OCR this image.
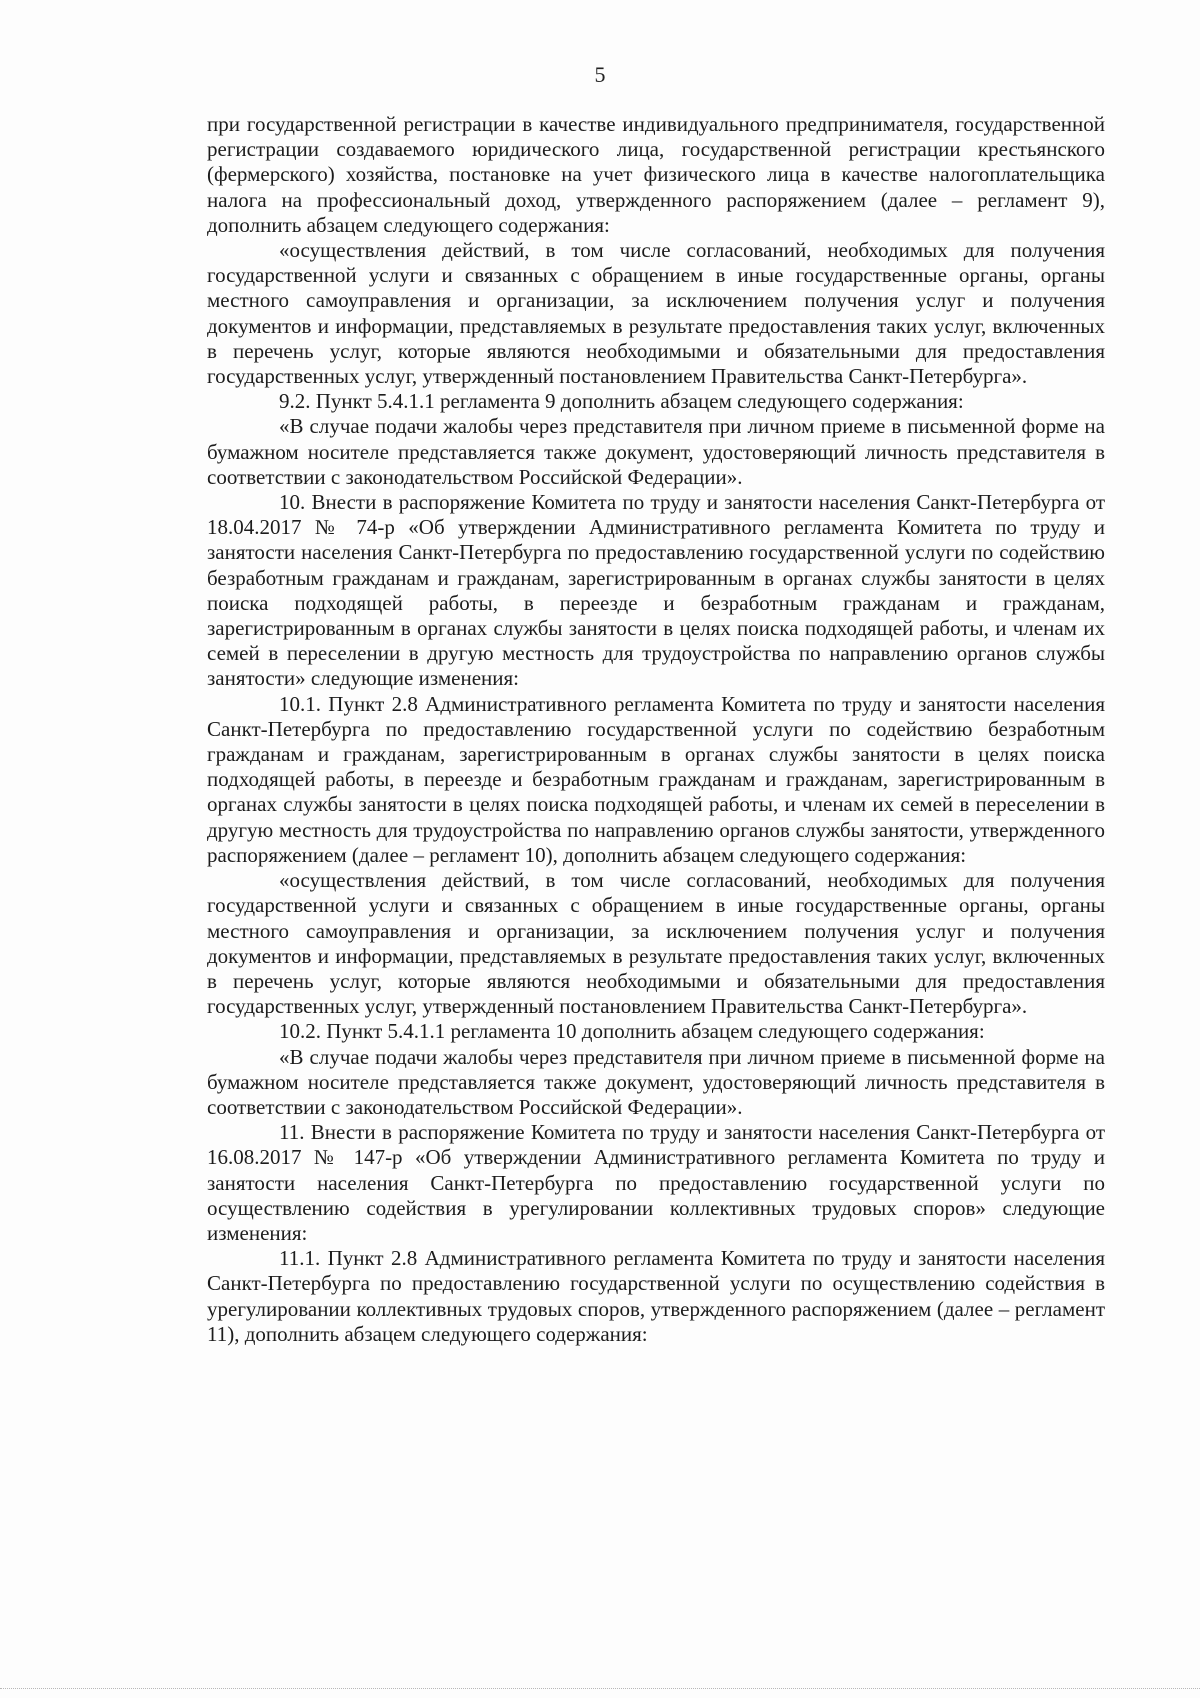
5

при государственной регистрации в качестве индивидуального предпринимателя, государственной регистрации создаваемого юридического лица, государственной регистрации крестьянского (фермерского) хозяйства, постановке на учет физического лица в качестве налогоплательщика налога на профессиональный доход, утвержденного распоряжением (далее – регламент 9), дополнить абзацем следующего содержания:

«осуществления действий, в том числе согласований, необходимых для получения государственной услуги и связанных с обращением в иные государственные органы, органы местного самоуправления и организации, за исключением получения услуг и получения документов и информации, представляемых в результате предоставления таких услуг, включенных в перечень услуг, которые являются необходимыми и обязательными для предоставления государственных услуг, утвержденный постановлением Правительства Санкт-Петербурга».

9.2. Пункт 5.4.1.1 регламента 9 дополнить абзацем следующего содержания:

«В случае подачи жалобы через представителя при личном приеме в письменной форме на бумажном носителе представляется также документ, удостоверяющий личность представителя в соответствии с законодательством Российской Федерации».

10. Внести в распоряжение Комитета по труду и занятости населения Санкт-Петербурга от 18.04.2017 № 74-р «Об утверждении Административного регламента Комитета по труду и занятости населения Санкт-Петербурга по предоставлению государственной услуги по содействию безработным гражданам и гражданам, зарегистрированным в органах службы занятости в целях поиска подходящей работы, в переезде и безработным гражданам и гражданам, зарегистрированным в органах службы занятости в целях поиска подходящей работы, и членам их семей в переселении в другую местность для трудоустройства по направлению органов службы занятости» следующие изменения:

10.1. Пункт 2.8 Административного регламента Комитета по труду и занятости населения Санкт-Петербурга по предоставлению государственной услуги по содействию безработным гражданам и гражданам, зарегистрированным в органах службы занятости в целях поиска подходящей работы, в переезде и безработным гражданам и гражданам, зарегистрированным в органах службы занятости в целях поиска подходящей работы, и членам их семей в переселении в другую местность для трудоустройства по направлению органов службы занятости, утвержденного распоряжением (далее – регламент 10), дополнить абзацем следующего содержания:

«осуществления действий, в том числе согласований, необходимых для получения государственной услуги и связанных с обращением в иные государственные органы, органы местного самоуправления и организации, за исключением получения услуг и получения документов и информации, представляемых в результате предоставления таких услуг, включенных в перечень услуг, которые являются необходимыми и обязательными для предоставления государственных услуг, утвержденный постановлением Правительства Санкт-Петербурга».

10.2. Пункт 5.4.1.1 регламента 10 дополнить абзацем следующего содержания:

«В случае подачи жалобы через представителя при личном приеме в письменной форме на бумажном носителе представляется также документ, удостоверяющий личность представителя в соответствии с законодательством Российской Федерации».

11. Внести в распоряжение Комитета по труду и занятости населения Санкт-Петербурга от 16.08.2017 № 147-р «Об утверждении Административного регламента Комитета по труду и занятости населения Санкт-Петербурга по предоставлению государственной услуги по осуществлению содействия в урегулировании коллективных трудовых споров» следующие изменения:

11.1. Пункт 2.8 Административного регламента Комитета по труду и занятости населения Санкт-Петербурга по предоставлению государственной услуги по осуществлению содействия в урегулировании коллективных трудовых споров, утвержденного распоряжением (далее – регламент 11), дополнить абзацем следующего содержания:
